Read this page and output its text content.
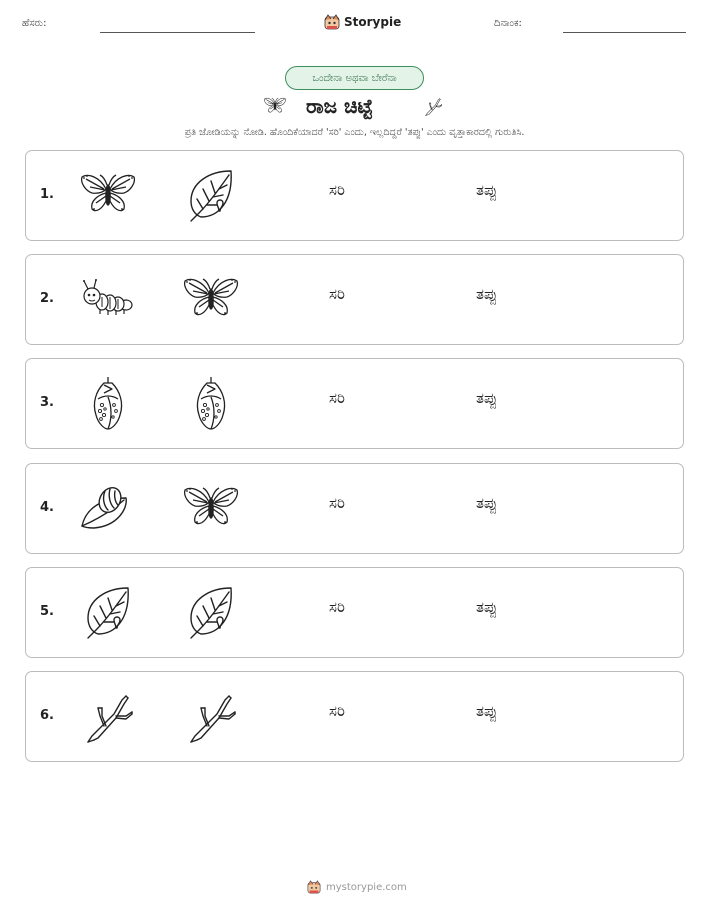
ಹೆಸರು:	Storypie	ದಿನಾಂಕ:
ಒಂದೇನಾ ಅಥವಾ ಬೇರೆನಾ
ರಾಜ ಚಿಟ್ಟೆ
ಪ್ರತಿ ಜೋಡಿಯನ್ನು ನೋಡಿ. ಹೊಂದಿಕೆಯಾದರೆ 'ಸರಿ' ಎಂದು, ಇಲ್ಲದಿದ್ದರೆ 'ತಪ್ಪು' ಎಂದು ವೃತ್ತಾಕಾರದಲ್ಲಿ ಗುರುತಿಸಿ.
1.	ಸರಿ	ತಪ್ಪು
2.	ಸರಿ	ತಪ್ಪು
3.	ಸರಿ	ತಪ್ಪು
4.	ಸರಿ	ತಪ್ಪು
5.	ಸರಿ	ತಪ್ಪು
6.	ಸರಿ	ತಪ್ಪು
mystorypie.com
